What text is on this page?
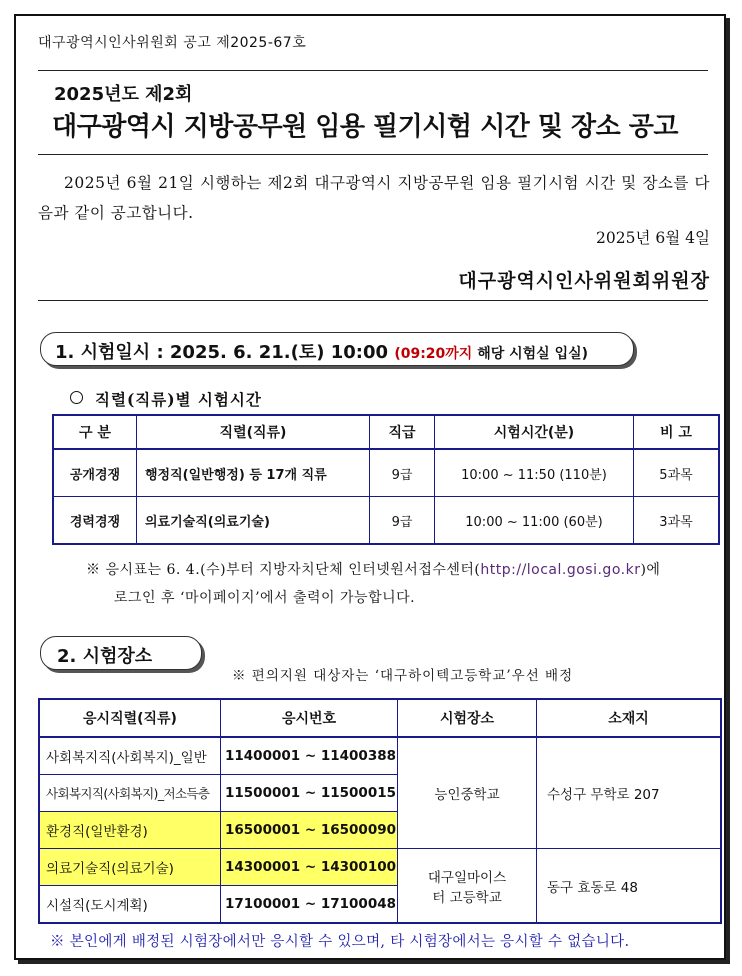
대구광역시인사위원회 공고 제2025-67호
2025년도 제2회
대구광역시 지방공무원 임용 필기시험 시간 및 장소 공고
2025년 6월 21일 시행하는 제2회 대구광역시 지방공무원 임용 필기시험 시간 및 장소를 다음과 같이 공고합니다.
2025년 6월 4일
대구광역시인사위원회위원장
1. 시험일시 : 2025. 6. 21.(토) 10:00 (09:20까지 해당 시험실 입실)
직렬(직류)별 시험시간
구 분	직렬(직류)	직급	시험시간(분)	비 고
공개경쟁	행정직(일반행정) 등 17개 직류	9급	10:00 ~ 11:50 (110분)	5과목
경력경쟁	의료기술직(의료기술)	9급	10:00 ~ 11:00 (60분)	3과목
※ 응시표는 6. 4.(수)부터 지방자치단체 인터넷원서접수센터(http://local.gosi.go.kr)에
로그인 후 ‘마이페이지’에서 출력이 가능합니다.
2. 시험장소
※ 편의지원 대상자는 ‘대구하이텍고등학교’우선 배정
응시직렬(직류)	응시번호	시험장소	소재지
사회복지직(사회복지)_일반	11400001 ~ 11400388	능인중학교	수성구 무학로 207
사회복지직(사회복지)_저소득층	11500001 ~ 11500015		
환경직(일반환경)	16500001 ~ 16500090		
의료기술직(의료기술)	14300001 ~ 14300100	대구일마이스터 고등학교	동구 효동로 48
시설직(도시계획)	17100001 ~ 17100048		
※ 본인에게 배정된 시험장에서만 응시할 수 있으며, 타 시험장에서는 응시할 수 없습니다.
